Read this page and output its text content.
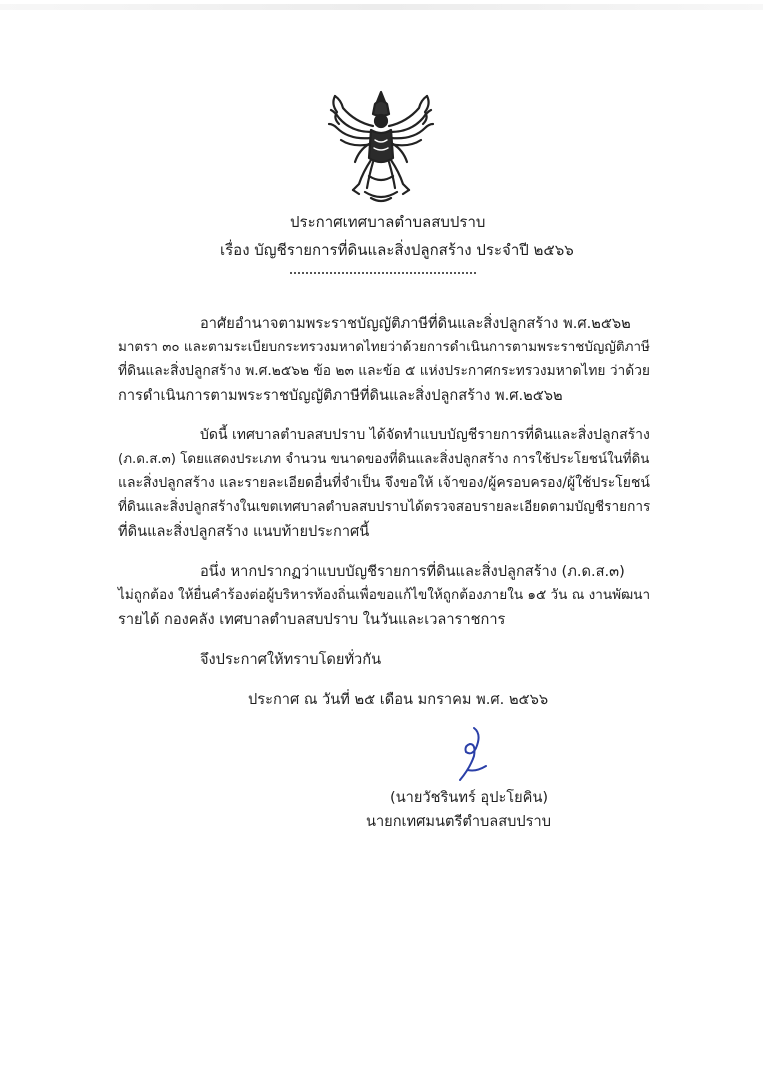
ประกาศเทศบาลตำบลสบปราบ
เรื่อง บัญชีรายการที่ดินและสิ่งปลูกสร้าง ประจำปี ๒๕๖๖
อาศัยอำนาจตามพระราชบัญญัติภาษีที่ดินและสิ่งปลูกสร้าง พ.ศ.๒๕๖๒
มาตรา ๓๐ และตามระเบียบกระทรวงมหาดไทยว่าด้วยการดำเนินการตามพระราชบัญญัติภาษี
ที่ดินและสิ่งปลูกสร้าง พ.ศ.๒๕๖๒ ข้อ ๒๓ และข้อ ๕ แห่งประกาศกระทรวงมหาดไทย ว่าด้วย
การดำเนินการตามพระราชบัญญัติภาษีที่ดินและสิ่งปลูกสร้าง พ.ศ.๒๕๖๒
บัดนี้ เทศบาลตำบลสบปราบ ได้จัดทำแบบบัญชีรายการที่ดินและสิ่งปลูกสร้าง
(ภ.ด.ส.๓) โดยแสดงประเภท จำนวน ขนาดของที่ดินและสิ่งปลูกสร้าง การใช้ประโยชน์ในที่ดิน
และสิ่งปลูกสร้าง และรายละเอียดอื่นที่จำเป็น จึงขอให้ เจ้าของ/ผู้ครอบครอง/ผู้ใช้ประโยชน์
ที่ดินและสิ่งปลูกสร้างในเขตเทศบาลตำบลสบปราบได้ตรวจสอบรายละเอียดตามบัญชีรายการ
ที่ดินและสิ่งปลูกสร้าง แนบท้ายประกาศนี้
อนึ่ง หากปรากฏว่าแบบบัญชีรายการที่ดินและสิ่งปลูกสร้าง (ภ.ด.ส.๓)
ไม่ถูกต้อง ให้ยื่นคำร้องต่อผู้บริหารท้องถิ่นเพื่อขอแก้ไขให้ถูกต้องภายใน ๑๕ วัน ณ งานพัฒนา
รายได้ กองคลัง เทศบาลตำบลสบปราบ ในวันและเวลาราชการ
จึงประกาศให้ทราบโดยทั่วกัน
ประกาศ ณ วันที่ ๒๕ เดือน มกราคม พ.ศ. ๒๕๖๖
(นายวัชรินทร์ อุปะโยคิน)
นายกเทศมนตรีตำบลสบปราบ
